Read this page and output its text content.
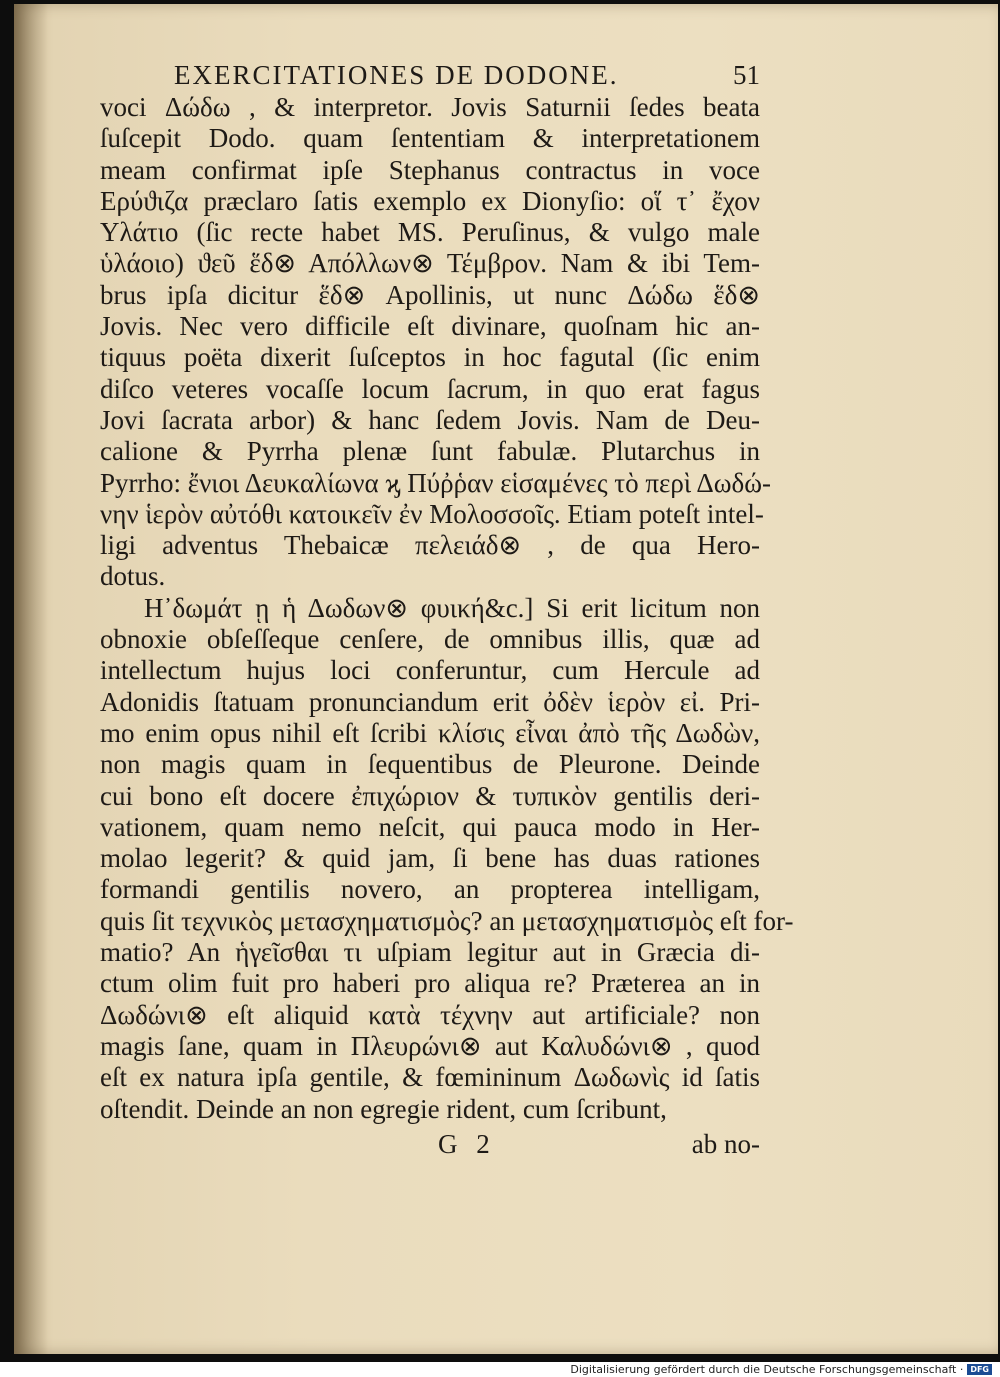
EXERCITATIONES DE DODONE.	51
voci Δώδω , & interpretor. Jovis Saturnii ſedes beata
ſuſcepit Dodo. quam ſententiam & interpretationem
meam confirmat ipſe Stephanus contractus in voce
Ερύϑιζα præclaro ſatis exemplo ex Dionyſio: οἵ τ᾽ ἔχον
Υλάτιο (ſic recte habet MS. Peruſinus, & vulgo male
ὑλάοιο) ϑεῦ ἕδ⊗ Απόλλων⊗ Τέμβρον. Nam & ibi Tem-
brus ipſa dicitur ἕδ⊗ Apollinis, ut nunc Δώδω ἕδ⊗
Jovis. Nec vero difficile eſt divinare, quoſnam hic an-
tiquus poëta dixerit ſuſceptos in hoc fagutal (ſic enim
diſco veteres vocaſſe locum ſacrum, in quo erat fagus
Jovi ſacrata arbor) & hanc ſedem Jovis. Nam de Deu-
calione & Pyrrha plenæ ſunt fabulæ. Plutarchus in
Pyrrho: ἔνιοι Δευκαλίωνα ϗ Πύῤῥαν εἱσαμένες τὸ περὶ Δωδώ-
νην ἱερὸν αὐτόθι κατοικεῖν ἐν Μολοσσοῖς. Etiam poteſt intel-
ligi adventus Thebaicæ πελειάδ⊗ , de qua Hero-
dotus.
Η᾽δωμάτ ῃ ἡ Δωδων⊗ φυική&c.] Si erit licitum non
obnoxie obſeſſeque cenſere, de omnibus illis, quæ ad
intellectum hujus loci conferuntur, cum Hercule ad
Adonidis ſtatuam pronunciandum erit ὀδὲν ἱερὸν εἰ. Pri-
mo enim opus nihil eſt ſcribi κλίσις εἶναι ἀπὸ τῆς Δωδὼν,
non magis quam in ſequentibus de Pleurone. Deinde
cui bono eſt docere ἐπιχώριον & τυπικὸν gentilis deri-
vationem, quam nemo neſcit, qui pauca modo in Her-
molao legerit? & quid jam, ſi bene has duas rationes
formandi gentilis novero, an propterea intelligam,
quis ſit τεχνικὸς μετασχηματισμὸς? an μετασχηματισμὸς eſt for-
matio? An ἡγεῖσθαι τι uſpiam legitur aut in Græcia di-
ctum olim fuit pro haberi pro aliqua re? Præterea an in
Δωδώνι⊗ eſt aliquid κατὰ τέχνην aut artificiale? non
magis ſane, quam in Πλευρώνι⊗ aut Καλυδώνι⊗ , quod
eſt ex natura ipſa gentile, & fœmininum Δωδωνὶς id ſatis
oſtendit. Deinde an non egregie rident, cum ſcribunt,
G 2	ab no-
Digitalisierung gefördert durch die Deutsche Forschungsgemeinschaft · DFG
